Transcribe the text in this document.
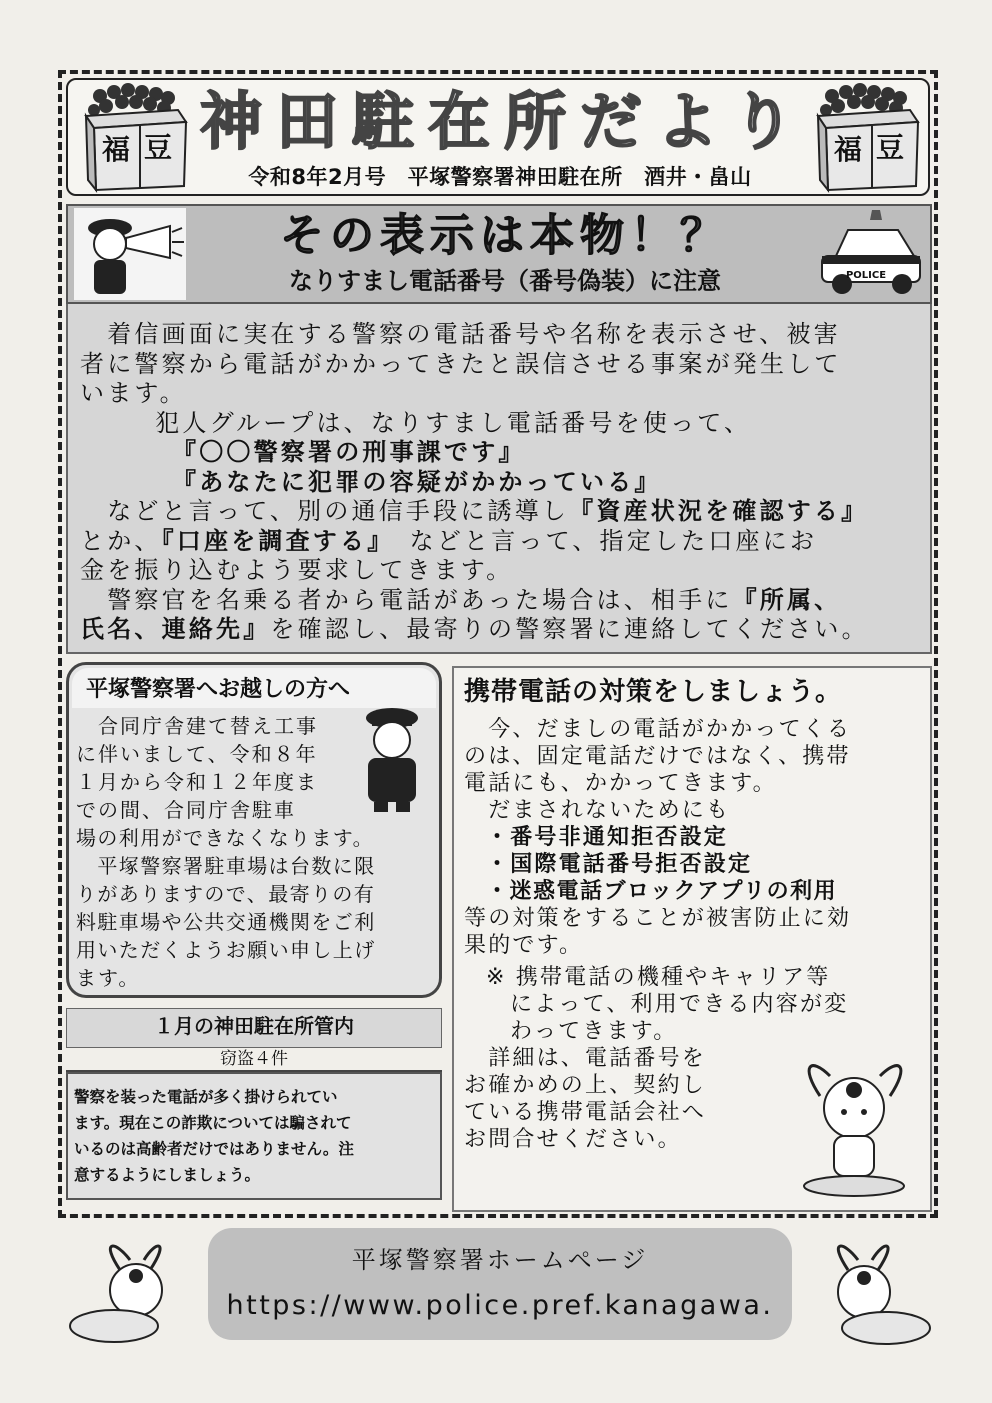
福 豆	福 豆
神田駐在所だより
令和8年2月号　平塚警察署神田駐在所　酒井・畠山
POLICE
その表示は本物！？
なりすまし電話番号（番号偽装）に注意

　着信画面に実在する警察の電話番号や名称を表示させ、被害

者に警察から電話がかかってきたと誤信させる事案が発生して

います。

　犯人グループは、なりすまし電話番号を使って、

『〇〇警察署の刑事課です』

『あなたに犯罪の容疑がかかっている』

　などと言って、別の通信手段に誘導し『資産状況を確認する』

とか、『口座を調査する』　などと言って、指定した口座にお

金を振り込むよう要求してきます。

　警察官を名乗る者から電話があった場合は、相手に『所属、

氏名、連絡先』を確認し、最寄りの警察署に連絡してください。

平塚警察署へお越しの方へ
　合同庁舎建て替え工事
に伴いまして、令和８年
１月から令和１２年度ま
での間、合同庁舎駐車
場の利用ができなくなります。
　平塚警察署駐車場は台数に限
りがありますので、最寄りの有
料駐車場や公共交通機関をご利
用いただくようお願い申し上げ
ます。
１月の神田駐在所管内
窃盗４件
警察を装った電話が多く掛けられてい
ます。現在この詐欺については騙されて
いるのは高齢者だけではありません。注
意するようにしましょう。
携帯電話の対策をしましょう。
　今、だましの電話がかかってくる
のは、固定電話だけではなく、携帯
電話にも、かかってきます。
　だまされないためにも
・番号非通知拒否設定
・国際電話番号拒否設定
・迷惑電話ブロックアプリの利用
等の対策をすることが被害防止に効
果的です。
※ 携帯電話の機種やキャリア等
によって、利用できる内容が変
わってきます。
　詳細は、電話番号を
お確かめの上、契約し
ている携帯電話会社へ
お問合せください。
平塚警察署ホームページ
https://www.police.pref.kanagawa.
